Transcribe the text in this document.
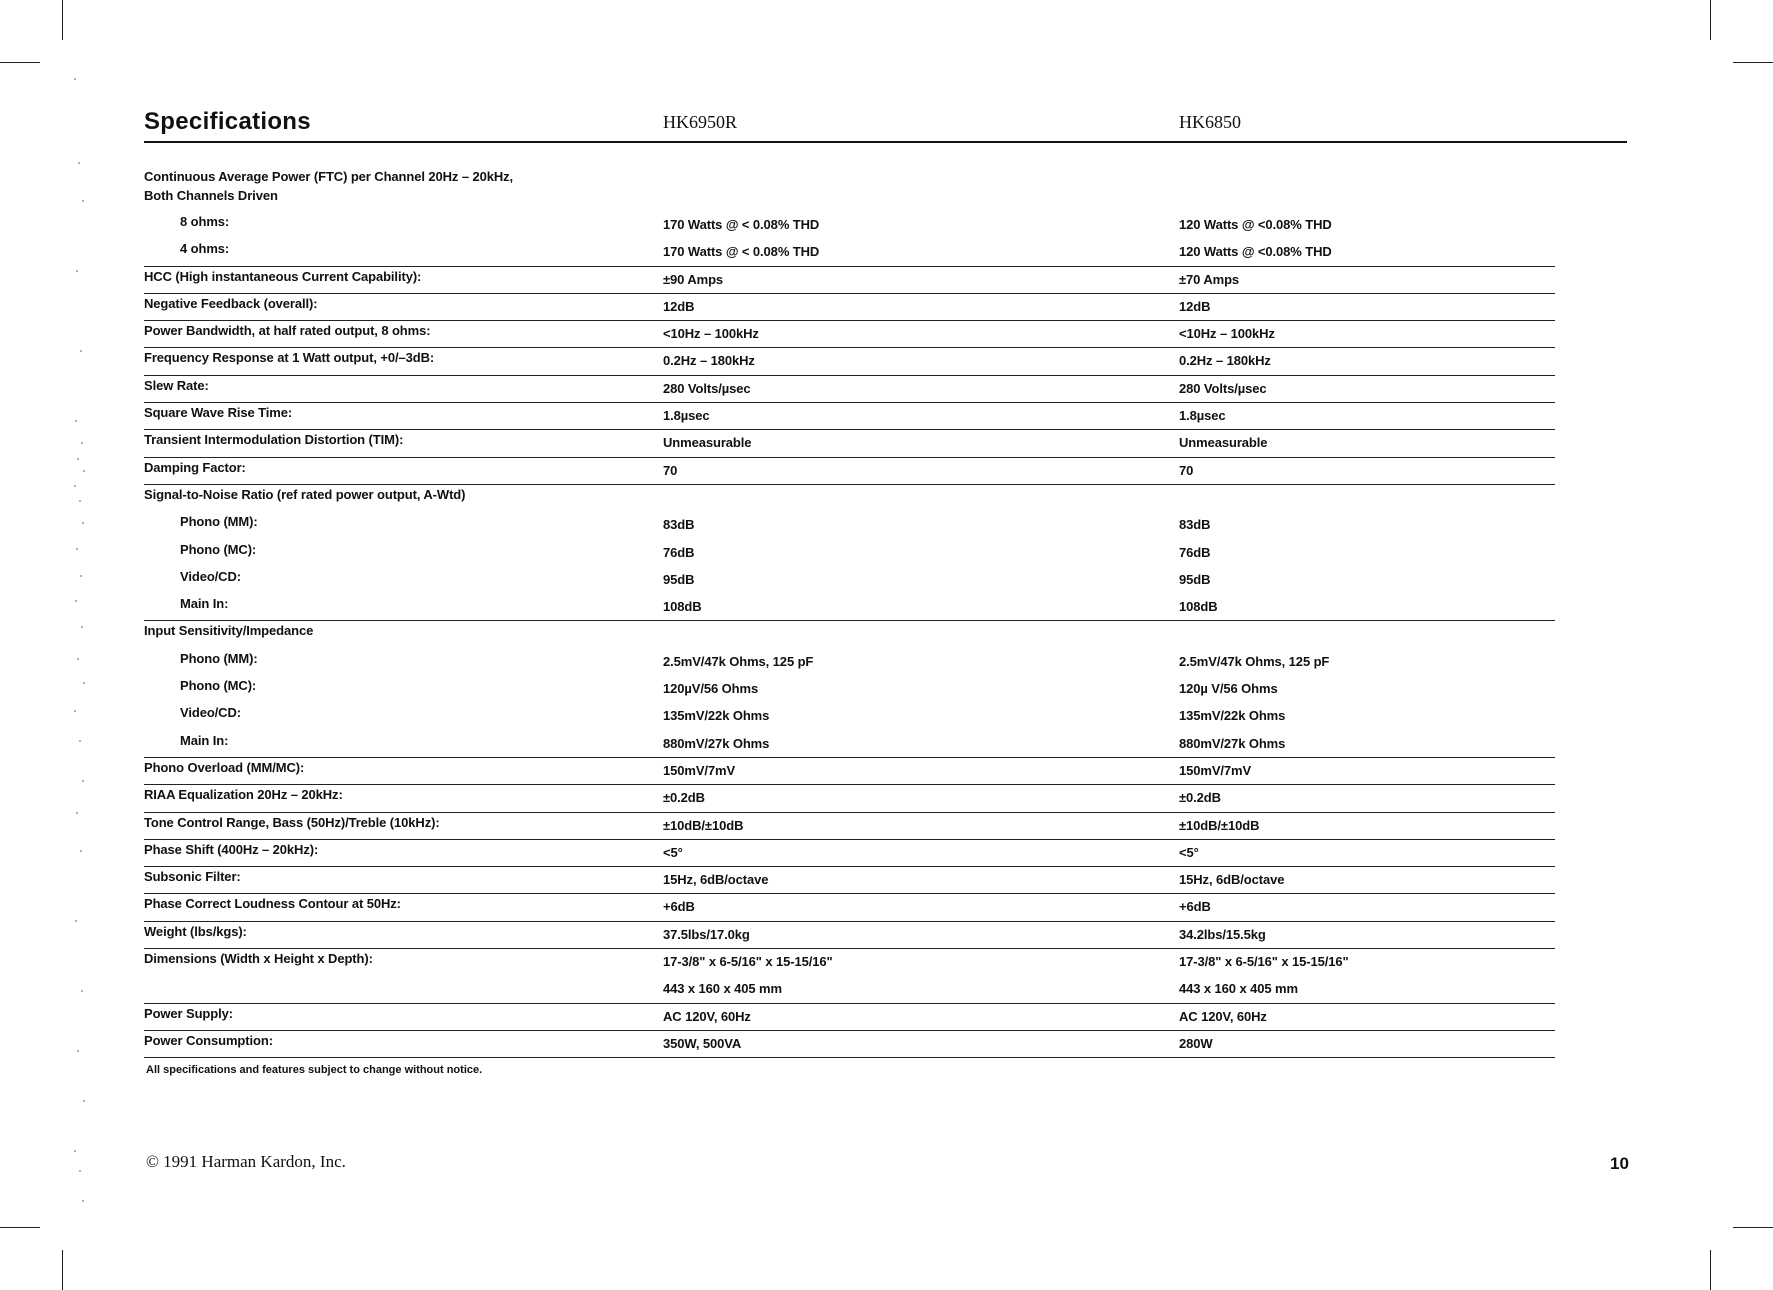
Specifications	HK6950R	HK6850

Continuous Average Power (FTC) per Channel 20Hz – 20kHz, Both Channels Driven
8 ohms:	170 Watts @ < 0.08% THD	120 Watts @ <0.08% THD
4 ohms:	170 Watts @ < 0.08% THD	120 Watts @ <0.08% THD
HCC (High instantaneous Current Capability):	±90 Amps	±70 Amps
Negative Feedback (overall):	12dB	12dB
Power Bandwidth, at half rated output, 8 ohms:	<10Hz – 100kHz	<10Hz – 100kHz
Frequency Response at 1 Watt output, +0/–3dB:	0.2Hz – 180kHz	0.2Hz – 180kHz
Slew Rate:	280 Volts/µsec	280 Volts/µsec
Square Wave Rise Time:	1.8µsec	1.8µsec
Transient Intermodulation Distortion (TIM):	Unmeasurable	Unmeasurable
Damping Factor:	70	70
Signal-to-Noise Ratio (ref rated power output, A-Wtd)
Phono (MM):	83dB	83dB
Phono (MC):	76dB	76dB
Video/CD:	95dB	95dB
Main In:	108dB	108dB
Input Sensitivity/Impedance
Phono (MM):	2.5mV/47k Ohms, 125 pF	2.5mV/47k Ohms, 125 pF
Phono (MC):	120µV/56 Ohms	120µ V/56 Ohms
Video/CD:	135mV/22k Ohms	135mV/22k Ohms
Main In:	880mV/27k Ohms	880mV/27k Ohms
Phono Overload (MM/MC):	150mV/7mV	150mV/7mV
RIAA Equalization 20Hz – 20kHz:	±0.2dB	±0.2dB
Tone Control Range, Bass (50Hz)/Treble (10kHz):	±10dB/±10dB	±10dB/±10dB
Phase Shift (400Hz – 20kHz):	<5°	<5°
Subsonic Filter:	15Hz, 6dB/octave	15Hz, 6dB/octave
Phase Correct Loudness Contour at 50Hz:	+6dB	+6dB
Weight (lbs/kgs):	37.5lbs/17.0kg	34.2lbs/15.5kg
Dimensions (Width x Height x Depth):	17-3/8" x 6-5/16" x 15-15/16"	17-3/8" x 6-5/16" x 15-15/16"
443 x 160 x 405 mm	443 x 160 x 405 mm
Power Supply:	AC 120V, 60Hz	AC 120V, 60Hz
Power Consumption:	350W, 500VA	280W

All specifications and features subject to change without notice.

© 1991 Harman Kardon, Inc.	10
